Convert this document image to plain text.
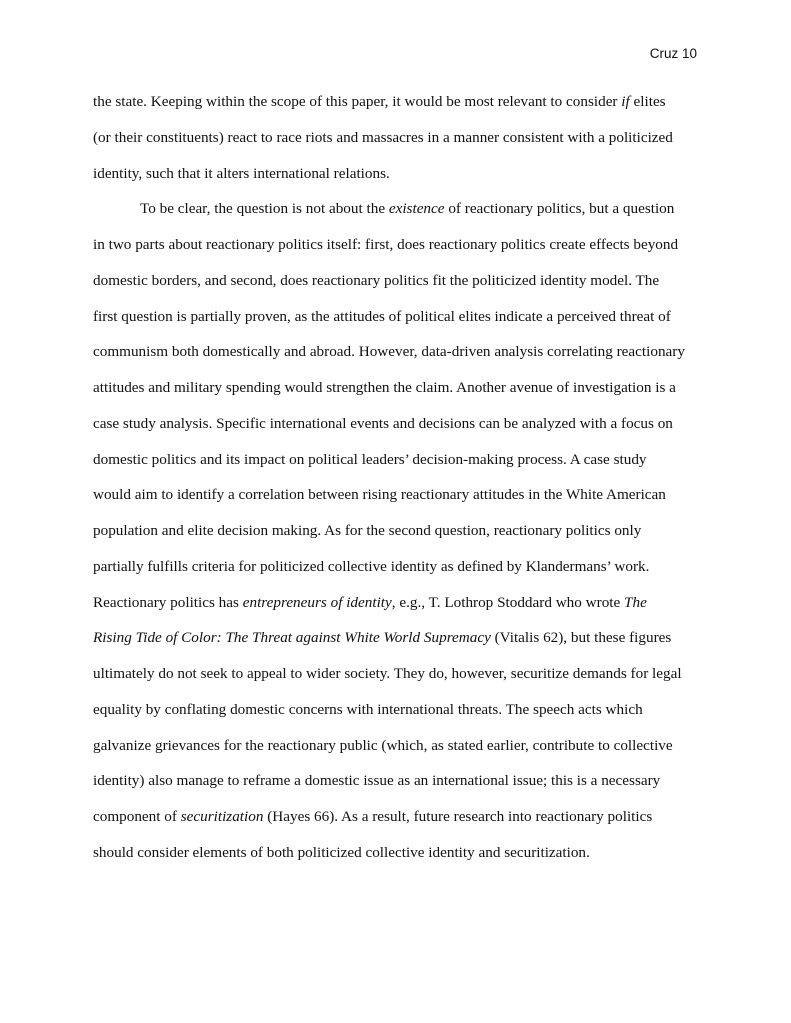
Cruz 10
the state. Keeping within the scope of this paper, it would be most relevant to consider if elites
(or their constituents) react to race riots and massacres in a manner consistent with a politicized
identity, such that it alters international relations.
To be clear, the question is not about the existence of reactionary politics, but a question
in two parts about reactionary politics itself: first, does reactionary politics create effects beyond
domestic borders, and second, does reactionary politics fit the politicized identity model. The
first question is partially proven, as the attitudes of political elites indicate a perceived threat of
communism both domestically and abroad. However, data-driven analysis correlating reactionary
attitudes and military spending would strengthen the claim. Another avenue of investigation is a
case study analysis. Specific international events and decisions can be analyzed with a focus on
domestic politics and its impact on political leaders’ decision-making process. A case study
would aim to identify a correlation between rising reactionary attitudes in the White American
population and elite decision making. As for the second question, reactionary politics only
partially fulfills criteria for politicized collective identity as defined by Klandermans’ work.
Reactionary politics has entrepreneurs of identity, e.g., T. Lothrop Stoddard who wrote The
Rising Tide of Color: The Threat against White World Supremacy (Vitalis 62), but these figures
ultimately do not seek to appeal to wider society. They do, however, securitize demands for legal
equality by conflating domestic concerns with international threats. The speech acts which
galvanize grievances for the reactionary public (which, as stated earlier, contribute to collective
identity) also manage to reframe a domestic issue as an international issue; this is a necessary
component of securitization (Hayes 66). As a result, future research into reactionary politics
should consider elements of both politicized collective identity and securitization.
